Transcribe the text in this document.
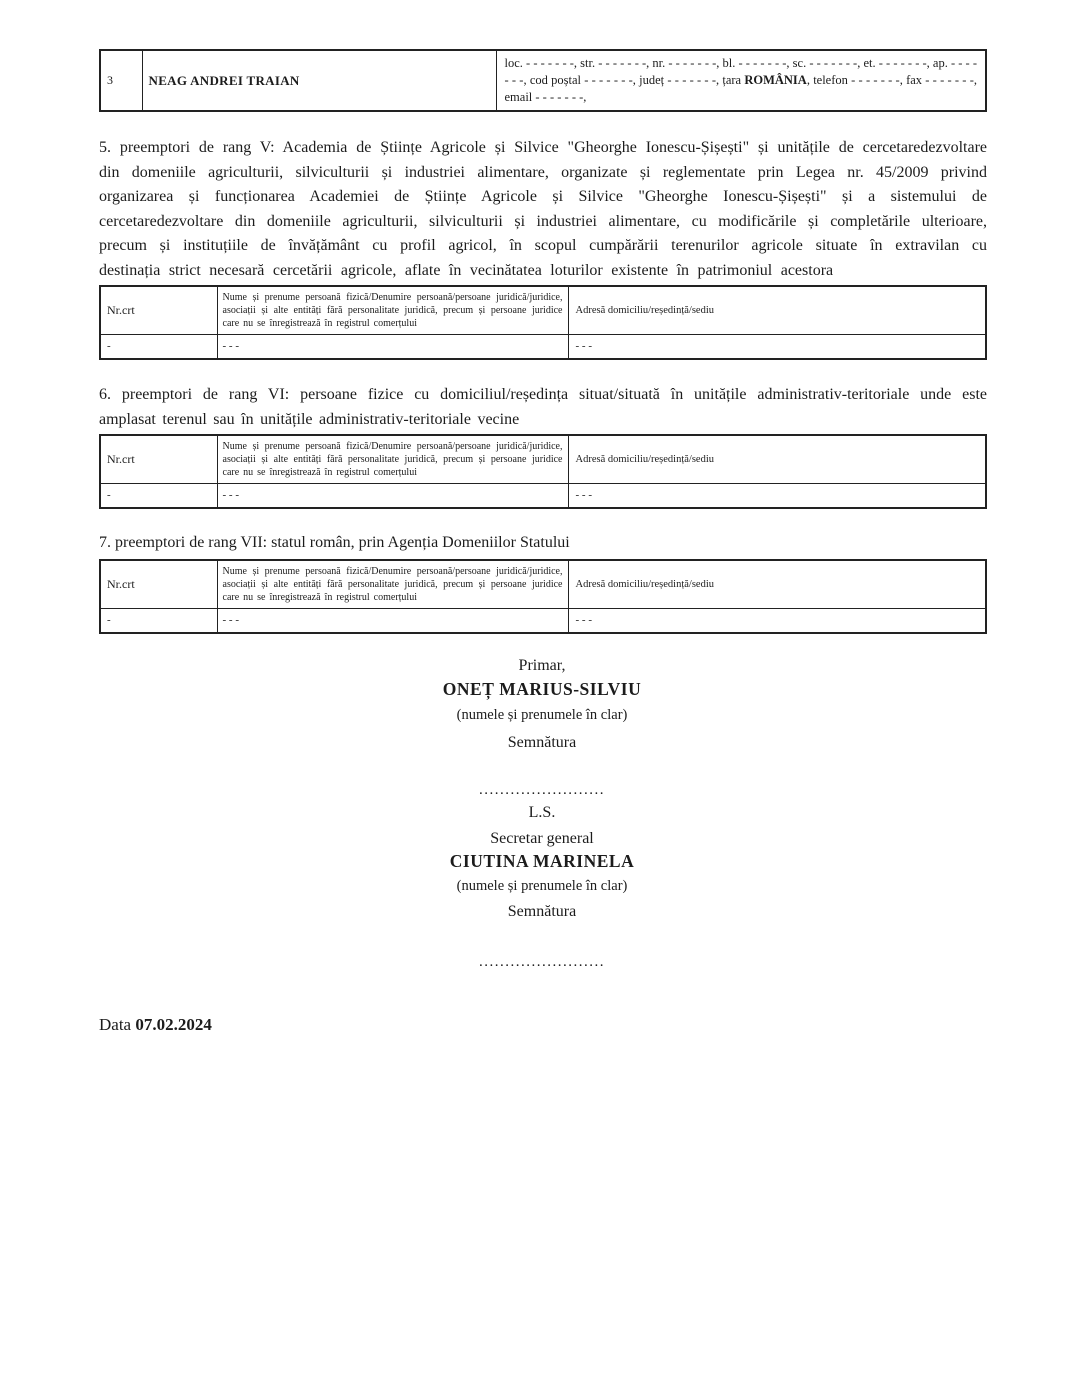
3	NEAG ANDREI TRAIAN	loc. - - - - - - -, str. - - - - - - -, nr. - - - - - - -, bl. - - - - - - -, sc. - - - - - - -, et. - - - - - - -, ap. - - - - - - -, cod poștal - - - - - - -, județ - - - - - - -, țara ROMÂNIA, telefon - - - - - - -, fax - - - - - - -, email - - - - - - -,

5. preemptori de rang V: Academia de Științe Agricole și Silvice "Gheorghe Ionescu-Șișești" și unitățile de cercetaredezvoltare din domeniile agriculturii, silviculturii și industriei alimentare, organizate și reglementate prin Legea nr. 45/2009 privind organizarea și funcționarea Academiei de Științe Agricole și Silvice "Gheorghe Ionescu-Șișești" și a sistemului de cercetaredezvoltare din domeniile agriculturii, silviculturii și industriei alimentare, cu modificările și completările ulterioare, precum și instituțiile de învățământ cu profil agricol, în scopul cumpărării terenurilor agricole situate în extravilan cu destinația strict necesară cercetării agricole, aflate în vecinătatea loturilor existente în patrimoniul acestora

Nr.crt	Nume și prenume persoană fizică/Denumire persoană/persoane juridică/juridice, asociații și alte entități fără personalitate juridică, precum și persoane juridice care nu se înregistrează în registrul comerțului	Adresă domiciliu/reședință/sediu
-	- - -	- - -

6. preemptori de rang VI: persoane fizice cu domiciliul/reședința situat/situată în unitățile administrativ-teritoriale unde este amplasat terenul sau în unitățile administrativ-teritoriale vecine

Nr.crt	Nume și prenume persoană fizică/Denumire persoană/persoane juridică/juridice, asociații și alte entități fără personalitate juridică, precum și persoane juridice care nu se înregistrează în registrul comerțului	Adresă domiciliu/reședință/sediu
-	- - -	- - -

7. preemptori de rang VII: statul român, prin Agenția Domeniilor Statului

Nr.crt	Nume și prenume persoană fizică/Denumire persoană/persoane juridică/juridice, asociații și alte entități fără personalitate juridică, precum și persoane juridice care nu se înregistrează în registrul comerțului	Adresă domiciliu/reședință/sediu
-	- - -	- - -
Primar,
ONEȚ MARIUS-SILVIU
(numele și prenumele în clar)
Semnătura
........................
L.S.
Secretar general
CIUTINA MARINELA
(numele și prenumele în clar)
Semnătura
........................
Data 07.02.2024
